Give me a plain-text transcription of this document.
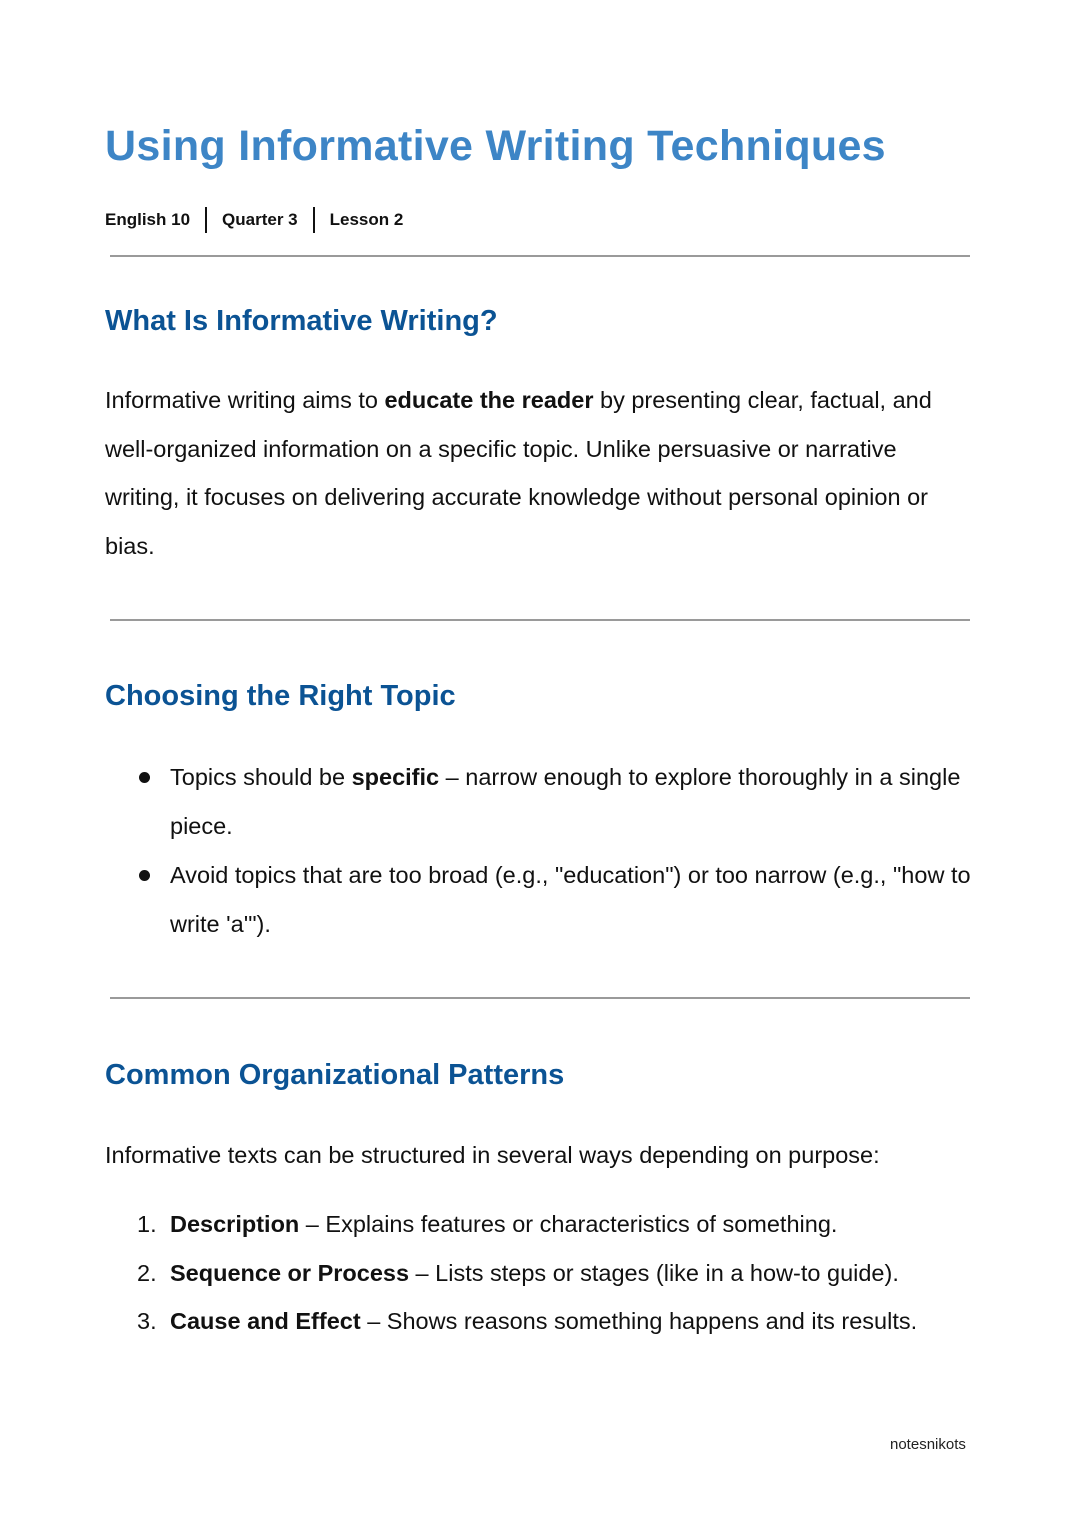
Using Informative Writing Techniques
English 10 Quarter 3 Lesson 2
What Is Informative Writing?

Informative writing aims to educate the reader by presenting clear, factual, and well-organized information on a specific topic. Unlike persuasive or narrative writing, it focuses on delivering accurate knowledge without personal opinion or bias.

Choosing the Right Topic
Topics should be specific – narrow enough to explore thoroughly in a single piece.
Avoid topics that are too broad (e.g., "education") or too narrow (e.g., "how to write 'a'").
Common Organizational Patterns

Informative texts can be structured in several ways depending on purpose:

1. Description – Explains features or characteristics of something.
2. Sequence or Process – Lists steps or stages (like in a how-to guide).
3. Cause and Effect – Shows reasons something happens and its results.
notesnikots
